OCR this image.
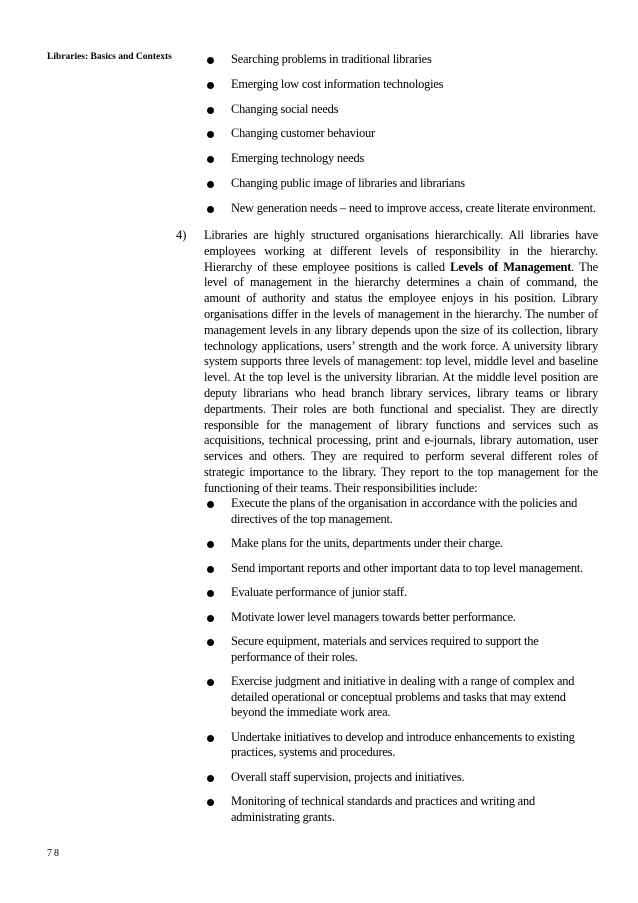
Libraries: Basics and Contexts	Searching problems in traditional libraries
Emerging low cost information technologies
Changing social needs
Changing customer behaviour
Emerging technology needs
Changing public image of libraries and librarians
New generation needs – need to improve access, create literate environment.
4) Libraries are highly structured organisations hierarchically. All libraries have employees working at different levels of responsibility in the hierarchy. Hierarchy of these employee positions is called Levels of Management. The level of management in the hierarchy determines a chain of command, the amount of authority and status the employee enjoys in his position. Library organisations differ in the levels of management in the hierarchy. The number of management levels in any library depends upon the size of its collection, library technology applications, users’ strength and the work force. A university library system supports three levels of management: top level, middle level and baseline level. At the top level is the university librarian. At the middle level position are deputy librarians who head branch library services, library teams or library departments. Their roles are both functional and specialist. They are directly responsible for the management of library functions and services such as acquisitions, technical processing, print and e-journals, library automation, user services and others. They are required to perform several different roles of strategic importance to the library. They report to the top management for the functioning of their teams. Their responsibilities include:

Execute the plans of the organisation in accordance with the policies and directives of the top management.
Make plans for the units, departments under their charge.
Send important reports and other important data to top level management.
Evaluate performance of junior staff.
Motivate lower level managers towards better performance.
Secure equipment, materials and services required to support the performance of their roles.
Exercise judgment and initiative in dealing with a range of complex and detailed operational or conceptual problems and tasks that may extend beyond the immediate work area.
Undertake initiatives to develop and introduce enhancements to existing practices, systems and procedures.
Overall staff supervision, projects and initiatives.
Monitoring of technical standards and practices and writing and administrating grants.
78
